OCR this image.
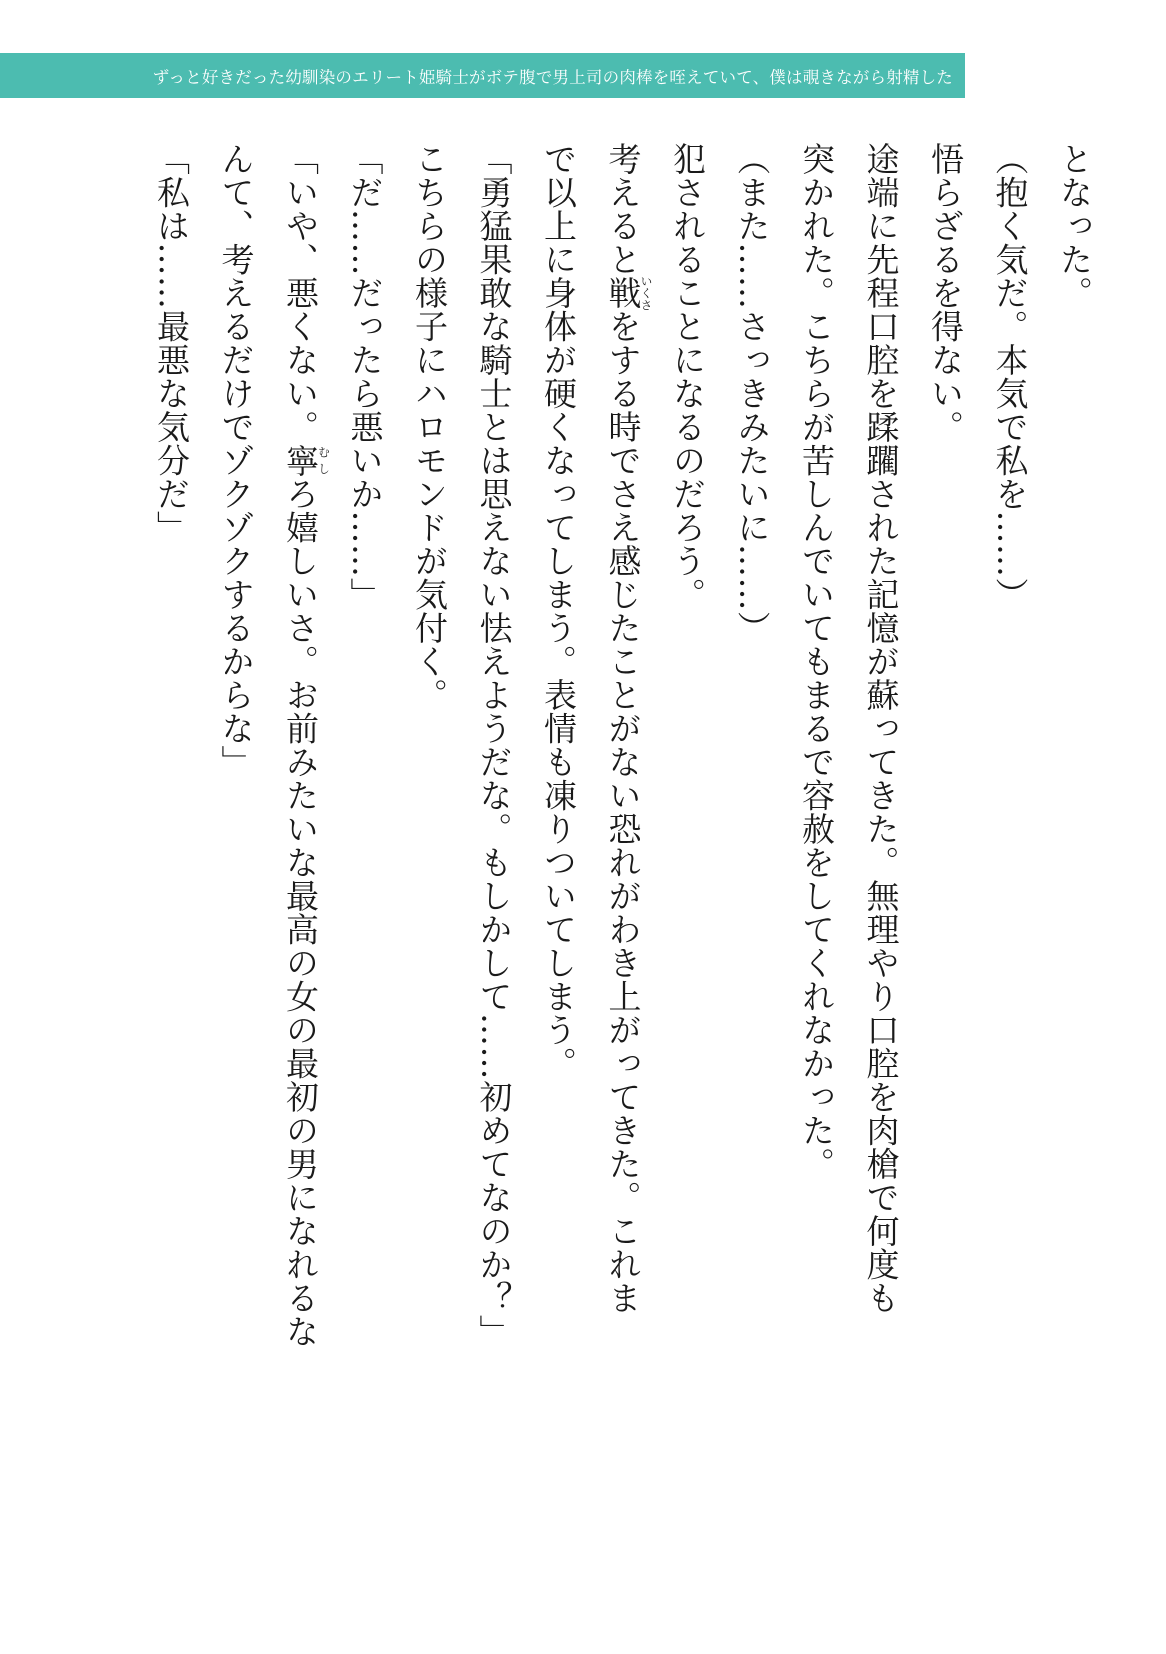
ずっと好きだった幼馴染のエリート姫騎士がボテ腹で男上司の肉棒を咥えていて、僕は覗きながら射精した

となった。

（抱く気だ。本気で私を……）

悟らざるを得ない。

途端に先程口腔を蹂躙された記憶が蘇ってきた。無理やり口腔を肉槍で何度も

突かれた。こちらが苦しんでいてもまるで容赦をしてくれなかった。

（また……さっきみたいに……）

犯されることになるのだろう。

考えると戦いくさをする時でさえ感じたことがない恐れがわき上がってきた。これま

で以上に身体が硬くなってしまう。表情も凍りついてしまう。

「勇猛果敢な騎士とは思えない怯えようだな。もしかして……初めてなのか？」

こちらの様子にハロモンドが気付く。

「だ……だったら悪いか……」

「いや、悪くない。寧むしろ嬉しいさ。お前みたいな最高の女の最初の男になれるな

んて、考えるだけでゾクゾクするからな」

「私は……最悪な気分だ」
